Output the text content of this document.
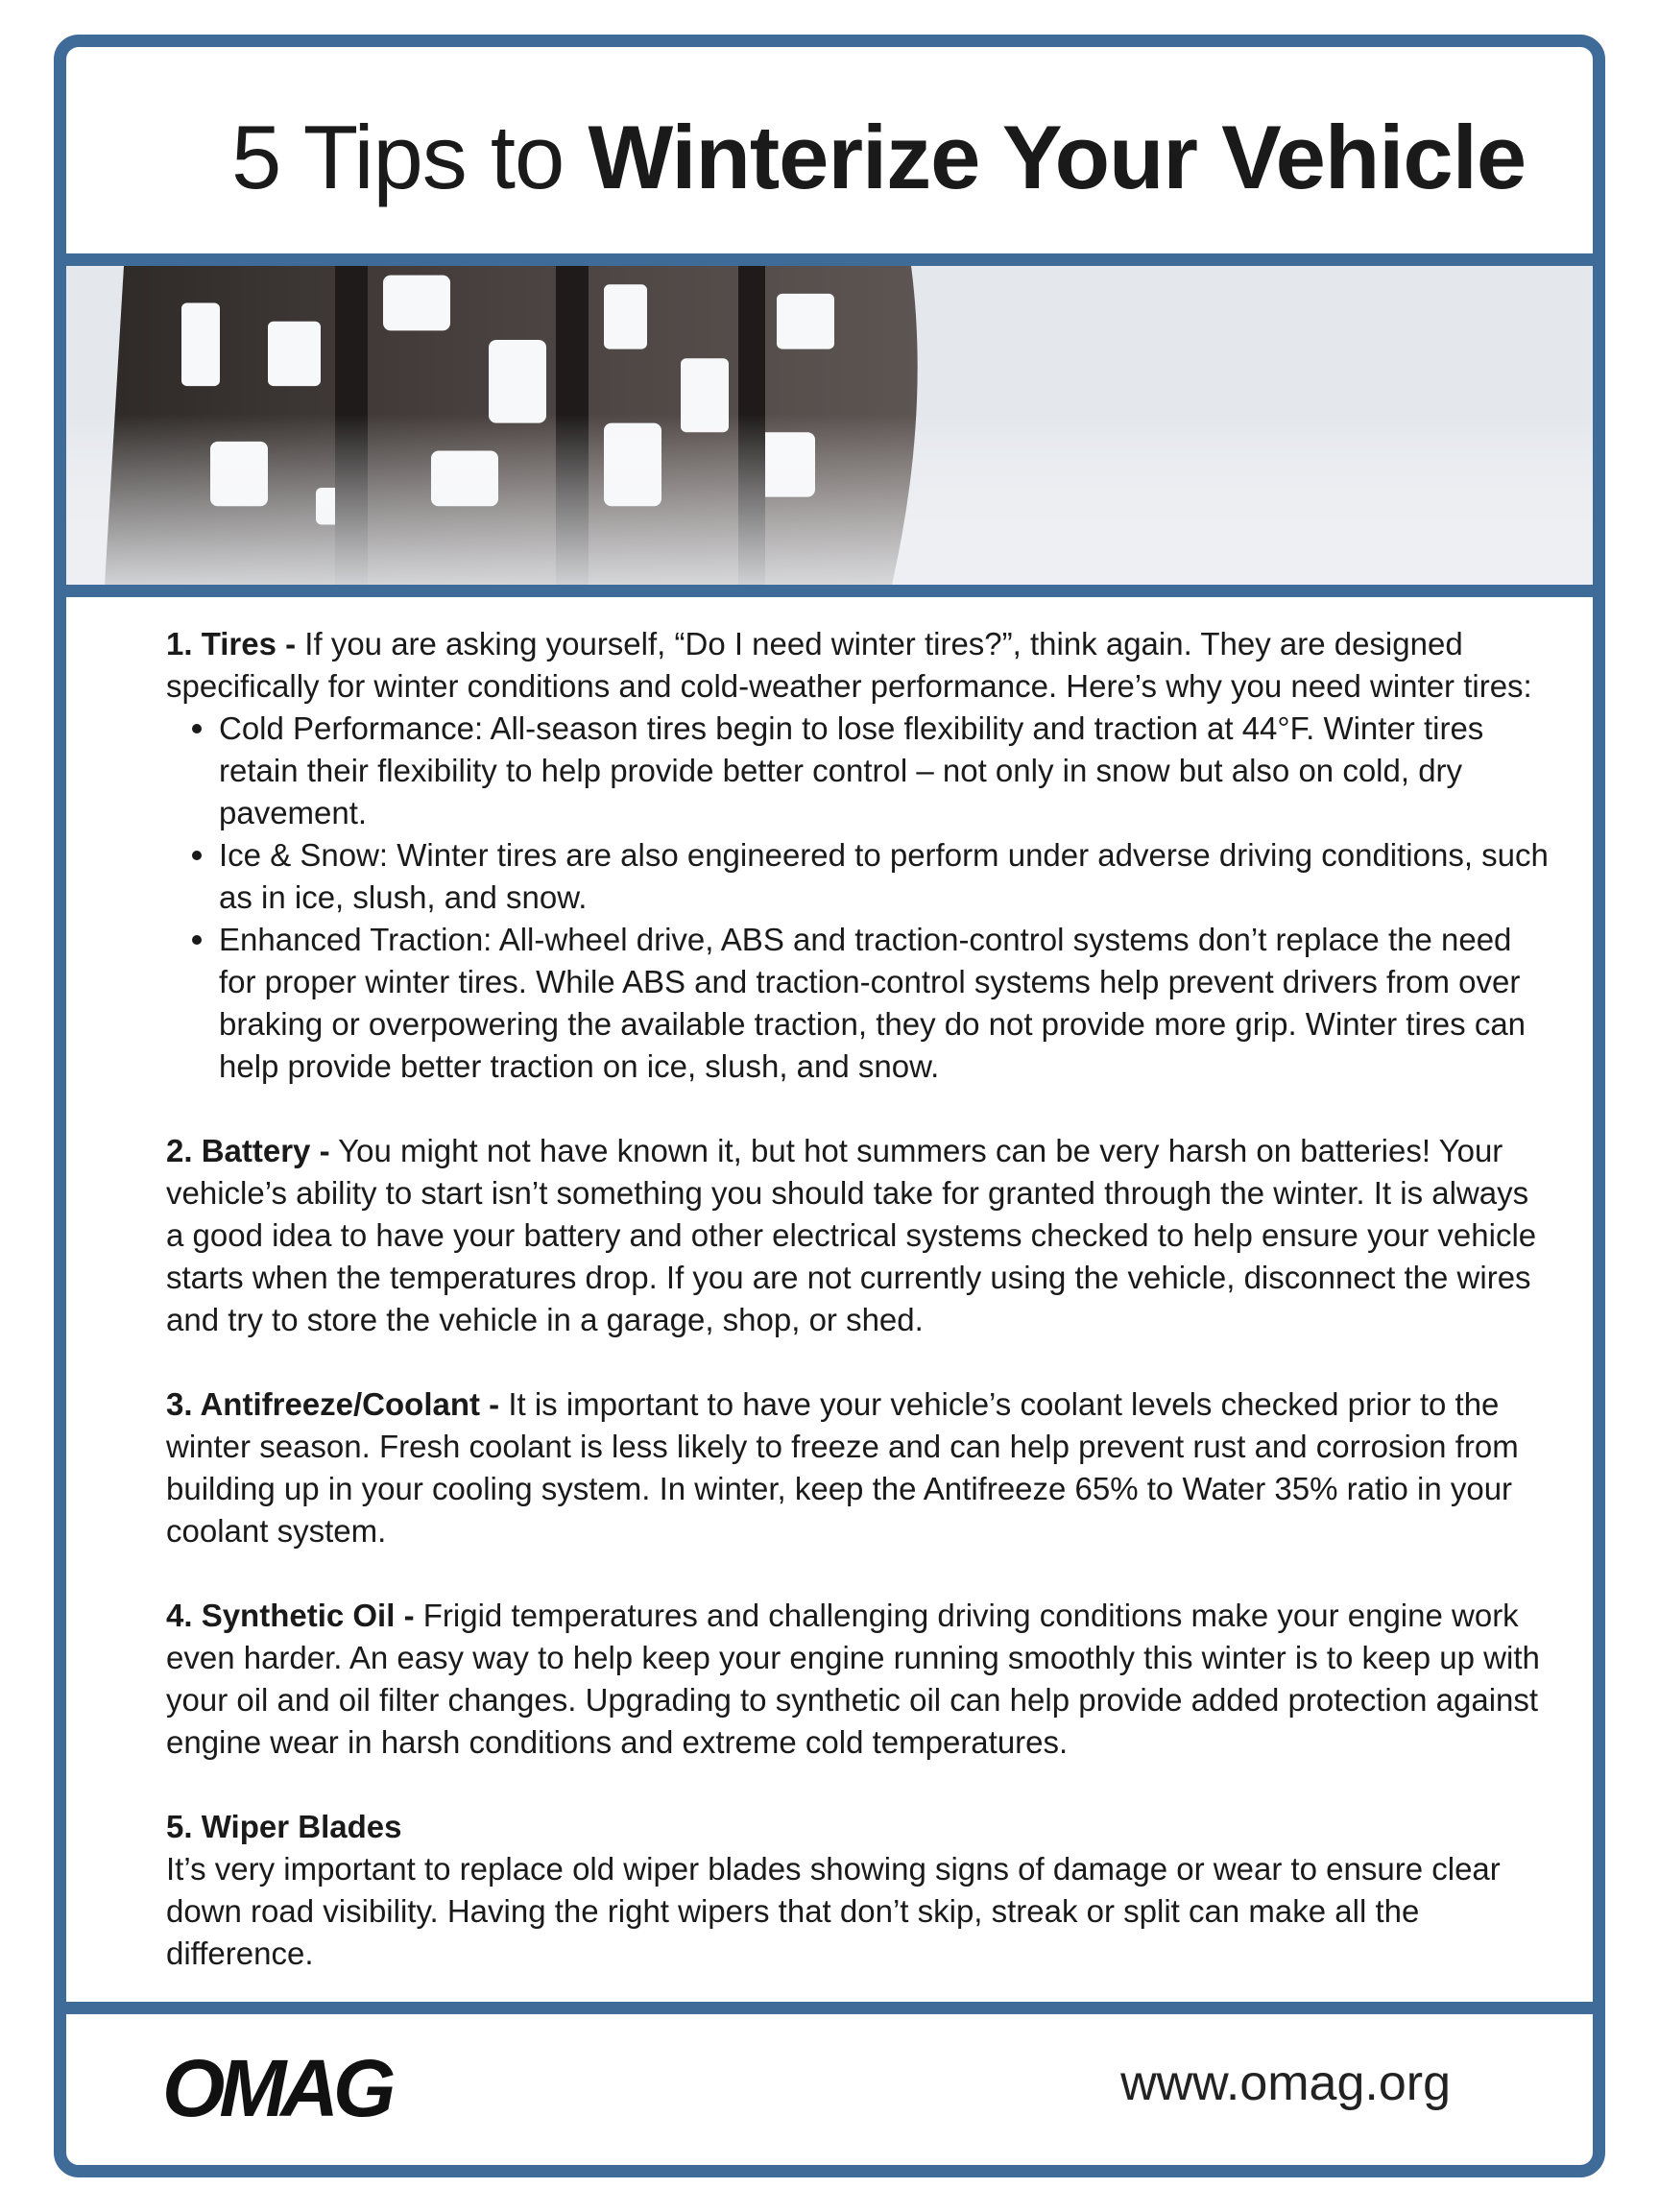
5 Tips to Winterize Your Vehicle

1. Tires - If you are asking yourself, “Do I need winter tires?”, think again. They are designed specifically for winter conditions and cold-weather performance. Here’s why you need winter tires:

Cold Performance: All-season tires begin to lose flexibility and traction at 44°F. Winter tires retain their flexibility to help provide better control – not only in snow but also on cold, dry pavement.
Ice & Snow: Winter tires are also engineered to perform under adverse driving conditions, such as in ice, slush, and snow.
Enhanced Traction: All-wheel drive, ABS and traction-control systems don’t replace the need for proper winter tires. While ABS and traction-control systems help prevent drivers from over braking or overpowering the available traction, they do not provide more grip. Winter tires can help provide better traction on ice, slush, and snow.

2. Battery - You might not have known it, but hot summers can be very harsh on batteries! Your vehicle’s ability to start isn’t something you should take for granted through the winter. It is always a good idea to have your battery and other electrical systems checked to help ensure your vehicle starts when the temperatures drop. If you are not currently using the vehicle, disconnect the wires and try to store the vehicle in a garage, shop, or shed.

3. Antifreeze/Coolant - It is important to have your vehicle’s coolant levels checked prior to the winter season. Fresh coolant is less likely to freeze and can help prevent rust and corrosion from building up in your cooling system. In winter, keep the Antifreeze 65% to Water 35% ratio in your coolant system.

4. Synthetic Oil - Frigid temperatures and challenging driving conditions make your engine work even harder. An easy way to help keep your engine running smoothly this winter is to keep up with your oil and oil filter changes. Upgrading to synthetic oil can help provide added protection against engine wear in harsh conditions and extreme cold temperatures.

5. Wiper Blades

It’s very important to replace old wiper blades showing signs of damage or wear to ensure clear down road visibility. Having the right wipers that don’t skip, streak or split can make all the difference.

OMAG	www.omag.org
